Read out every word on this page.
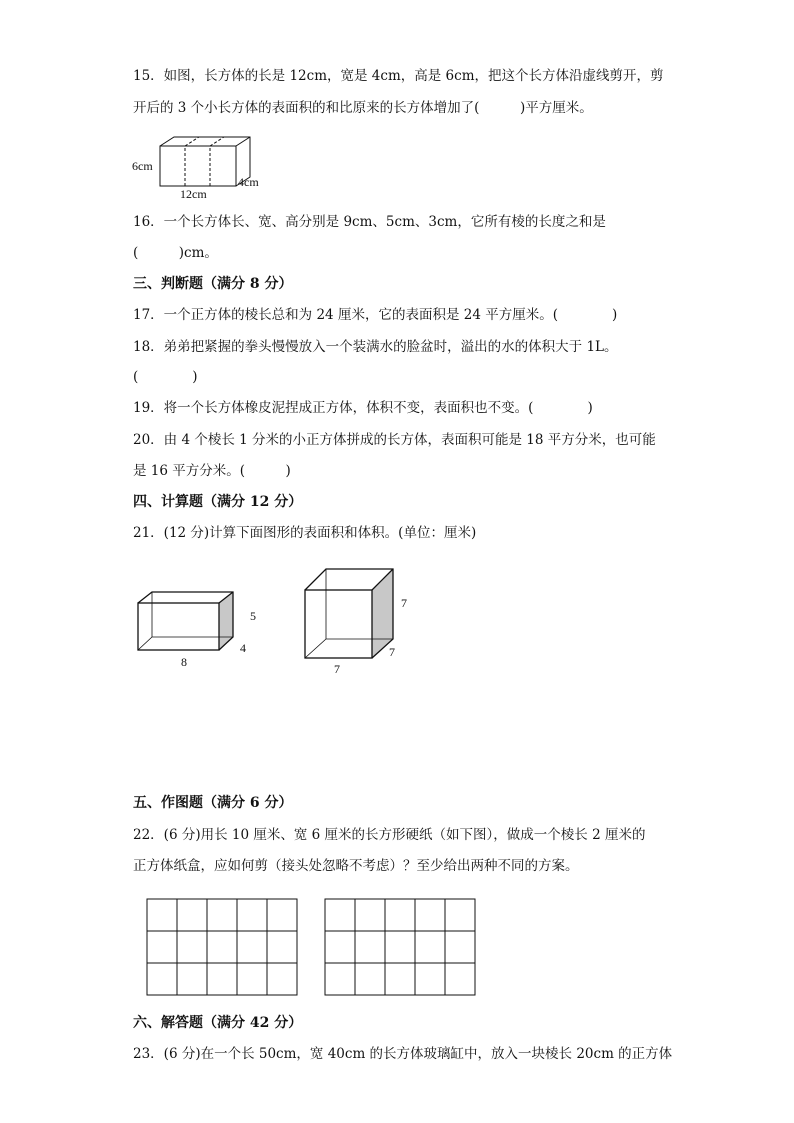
15．如图，长方体的长是 12cm，宽是 4cm，高是 6cm，把这个长方体沿虚线剪开，剪
开后的 3 个小长方体的表面积的和比原来的长方体增加了(　　　)平方厘米。
6cm
12cm
4cm
16．一个长方体长、宽、高分别是 9cm、5cm、3cm，它所有棱的长度之和是
(　　　)cm。
三、判断题（满分 8 分）
17．一个正方体的棱长总和为 24 厘米，它的表面积是 24 平方厘米。(　　　　)
18．弟弟把紧握的拳头慢慢放入一个装满水的脸盆时，溢出的水的体积大于 1L。
(　　　　)
19．将一个长方体橡皮泥捏成正方体，体积不变，表面积也不变。(　　　　)
20．由 4 个棱长 1 分米的小正方体拼成的长方体，表面积可能是 18 平方分米，也可能
是 16 平方分米。(　　　)
四、计算题（满分 12 分）
21．(12 分)计算下面图形的表面积和体积。(单位：厘米)
5
4
8
7
7
7
五、作图题（满分 6 分）
22．(6 分)用长 10 厘米、宽 6 厘米的长方形硬纸（如下图），做成一个棱长 2 厘米的
正方体纸盒，应如何剪（接头处忽略不考虑）？至少给出两种不同的方案。
六、解答题（满分 42 分）
23．(6 分)在一个长 50cm，宽 40cm 的长方体玻璃缸中，放入一块棱长 20cm 的正方体
